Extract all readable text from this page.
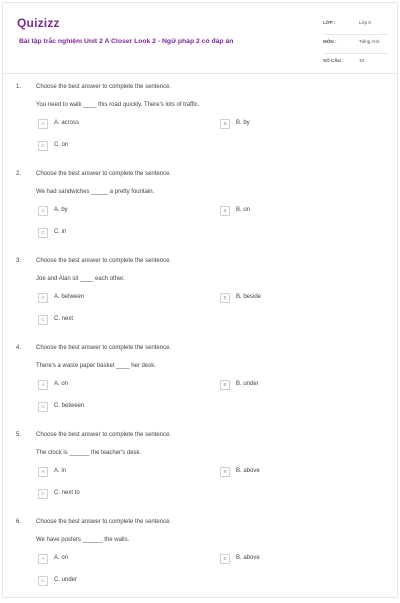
Quizizz
Bài tập trắc nghiệm Unit 2 A Closer Look 2 - Ngữ pháp 2 có đáp án
LỚP :	Lớp 6
MÔN :	Tiếng Anh
SỐ CÂU :	10
1. Choose the best answer to complete the sentence.
You need to walk ____ this road quickly. There's lots of traffic.
A	A. across	B	B. by
C	C. on
2. Choose the best answer to complete the sentence.
We had sandwiches _____ a pretty fountain.
A	A. by	B	B. on
C	C. in
3. Choose the best answer to complete the sentence.
Joe and Alan sit ____ each other.
A	A. between	B	B. beside
C	C. next
4. Choose the best answer to complete the sentence.
There's a waste paper basket ____ her desk.
A	A. on	B	B. under
C	C. between
5. Choose the best answer to complete the sentence.
The clock is ______ the teacher's desk.
A	A. in	B	B. above
C	C. next to
6. Choose the best answer to complete the sentence.
We have posters ______ the walls.
A	A. on	B	B. above
C	C. under
